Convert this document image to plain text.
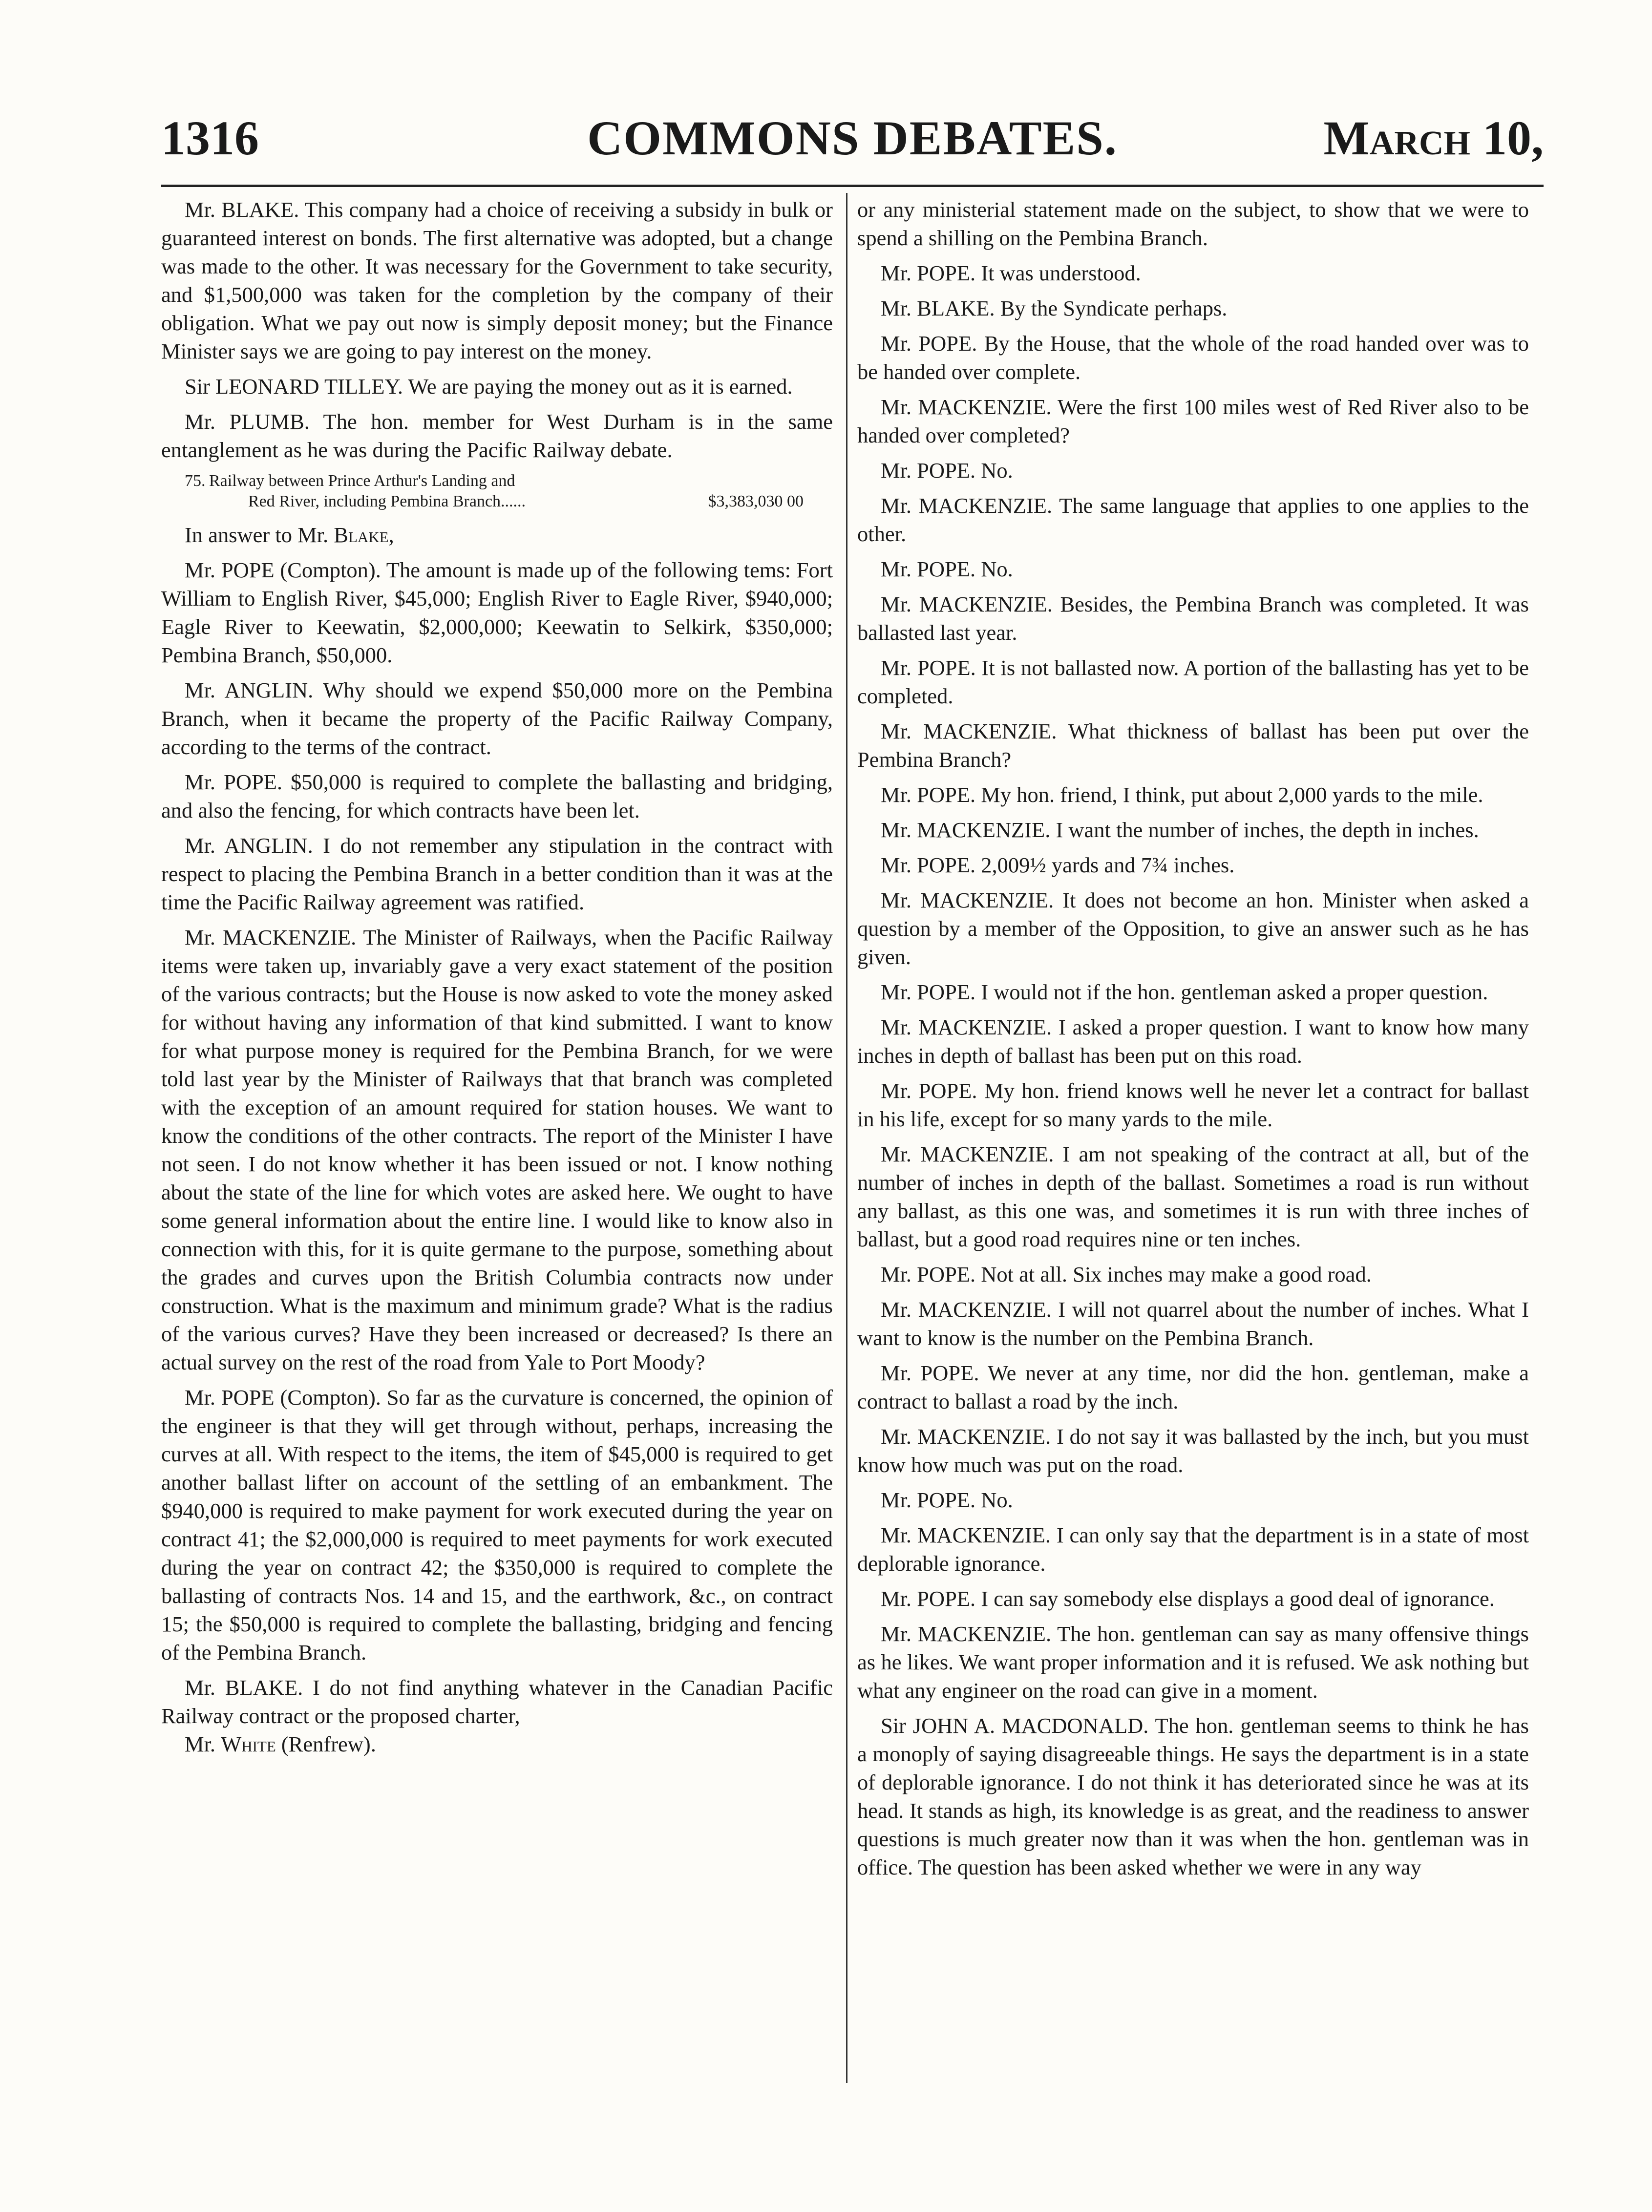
1316	COMMONS DEBATES.	March 10,

Mr. BLAKE. This company had a choice of receiving a subsidy in bulk or guaranteed interest on bonds. The first alternative was adopted, but a change was made to the other. It was necessary for the Government to take security, and $1,500,000 was taken for the completion by the company of their obligation. What we pay out now is simply deposit money; but the Finance Minister says we are going to pay interest on the money.

Sir LEONARD TILLEY. We are paying the money out as it is earned.

Mr. PLUMB. The hon. member for West Durham is in the same entanglement as he was during the Pacific Railway debate.

75. Railway between Prince Arthur's Landing and
Red River, including Pembina Branch......	$3,383,030 00

In answer to Mr. Blake,

Mr. POPE (Compton). The amount is made up of the following tems: Fort William to English River, $45,000; English River to Eagle River, $940,000; Eagle River to Keewatin, $2,000,000; Keewatin to Selkirk, $350,000; Pembina Branch, $50,000.

Mr. ANGLIN. Why should we expend $50,000 more on the Pembina Branch, when it became the property of the Pacific Railway Company, according to the terms of the contract.

Mr. POPE. $50,000 is required to complete the ballasting and bridging, and also the fencing, for which contracts have been let.

Mr. ANGLIN. I do not remember any stipulation in the contract with respect to placing the Pembina Branch in a better condition than it was at the time the Pacific Railway agreement was ratified.

Mr. MACKENZIE. The Minister of Railways, when the Pacific Railway items were taken up, invariably gave a very exact statement of the position of the various contracts; but the House is now asked to vote the money asked for without having any information of that kind submitted. I want to know for what purpose money is required for the Pembina Branch, for we were told last year by the Minister of Railways that that branch was completed with the exception of an amount required for station houses. We want to know the conditions of the other contracts. The report of the Minister I have not seen. I do not know whether it has been issued or not. I know nothing about the state of the line for which votes are asked here. We ought to have some general information about the entire line. I would like to know also in connection with this, for it is quite germane to the purpose, something about the grades and curves upon the British Columbia contracts now under construction. What is the maximum and minimum grade? What is the radius of the various curves? Have they been increased or decreased? Is there an actual survey on the rest of the road from Yale to Port Moody?

Mr. POPE (Compton). So far as the curvature is concerned, the opinion of the engineer is that they will get through without, perhaps, increasing the curves at all. With respect to the items, the item of $45,000 is required to get another ballast lifter on account of the settling of an embankment. The $940,000 is required to make payment for work executed during the year on contract 41; the $2,000,000 is required to meet payments for work executed during the year on contract 42; the $350,000 is required to complete the ballasting of contracts Nos. 14 and 15, and the earthwork, &c., on contract 15; the $50,000 is required to complete the ballasting, bridging and fencing of the Pembina Branch.

Mr. BLAKE. I do not find anything whatever in the Canadian Pacific Railway contract or the proposed charter,

Mr. White (Renfrew).

or any ministerial statement made on the subject, to show that we were to spend a shilling on the Pembina Branch.

Mr. POPE. It was understood.

Mr. BLAKE. By the Syndicate perhaps.

Mr. POPE. By the House, that the whole of the road handed over was to be handed over complete.

Mr. MACKENZIE. Were the first 100 miles west of Red River also to be handed over completed?

Mr. POPE. No.

Mr. MACKENZIE. The same language that applies to one applies to the other.

Mr. POPE. No.

Mr. MACKENZIE. Besides, the Pembina Branch was completed. It was ballasted last year.

Mr. POPE. It is not ballasted now. A portion of the ballasting has yet to be completed.

Mr. MACKENZIE. What thickness of ballast has been put over the Pembina Branch?

Mr. POPE. My hon. friend, I think, put about 2,000 yards to the mile.

Mr. MACKENZIE. I want the number of inches, the depth in inches.

Mr. POPE. 2,009½ yards and 7¾ inches.

Mr. MACKENZIE. It does not become an hon. Minister when asked a question by a member of the Opposition, to give an answer such as he has given.

Mr. POPE. I would not if the hon. gentleman asked a proper question.

Mr. MACKENZIE. I asked a proper question. I want to know how many inches in depth of ballast has been put on this road.

Mr. POPE. My hon. friend knows well he never let a contract for ballast in his life, except for so many yards to the mile.

Mr. MACKENZIE. I am not speaking of the contract at all, but of the number of inches in depth of the ballast. Sometimes a road is run without any ballast, as this one was, and sometimes it is run with three inches of ballast, but a good road requires nine or ten inches.

Mr. POPE. Not at all. Six inches may make a good road.

Mr. MACKENZIE. I will not quarrel about the number of inches. What I want to know is the number on the Pembina Branch.

Mr. POPE. We never at any time, nor did the hon. gentleman, make a contract to ballast a road by the inch.

Mr. MACKENZIE. I do not say it was ballasted by the inch, but you must know how much was put on the road.

Mr. POPE. No.

Mr. MACKENZIE. I can only say that the department is in a state of most deplorable ignorance.

Mr. POPE. I can say somebody else displays a good deal of ignorance.

Mr. MACKENZIE. The hon. gentleman can say as many offensive things as he likes. We want proper information and it is refused. We ask nothing but what any engineer on the road can give in a moment.

Sir JOHN A. MACDONALD. The hon. gentleman seems to think he has a monoply of saying disagreeable things. He says the department is in a state of deplorable ignorance. I do not think it has deteriorated since he was at its head. It stands as high, its knowledge is as great, and the readiness to answer questions is much greater now than it was when the hon. gentleman was in office. The question has been asked whether we were in any way
